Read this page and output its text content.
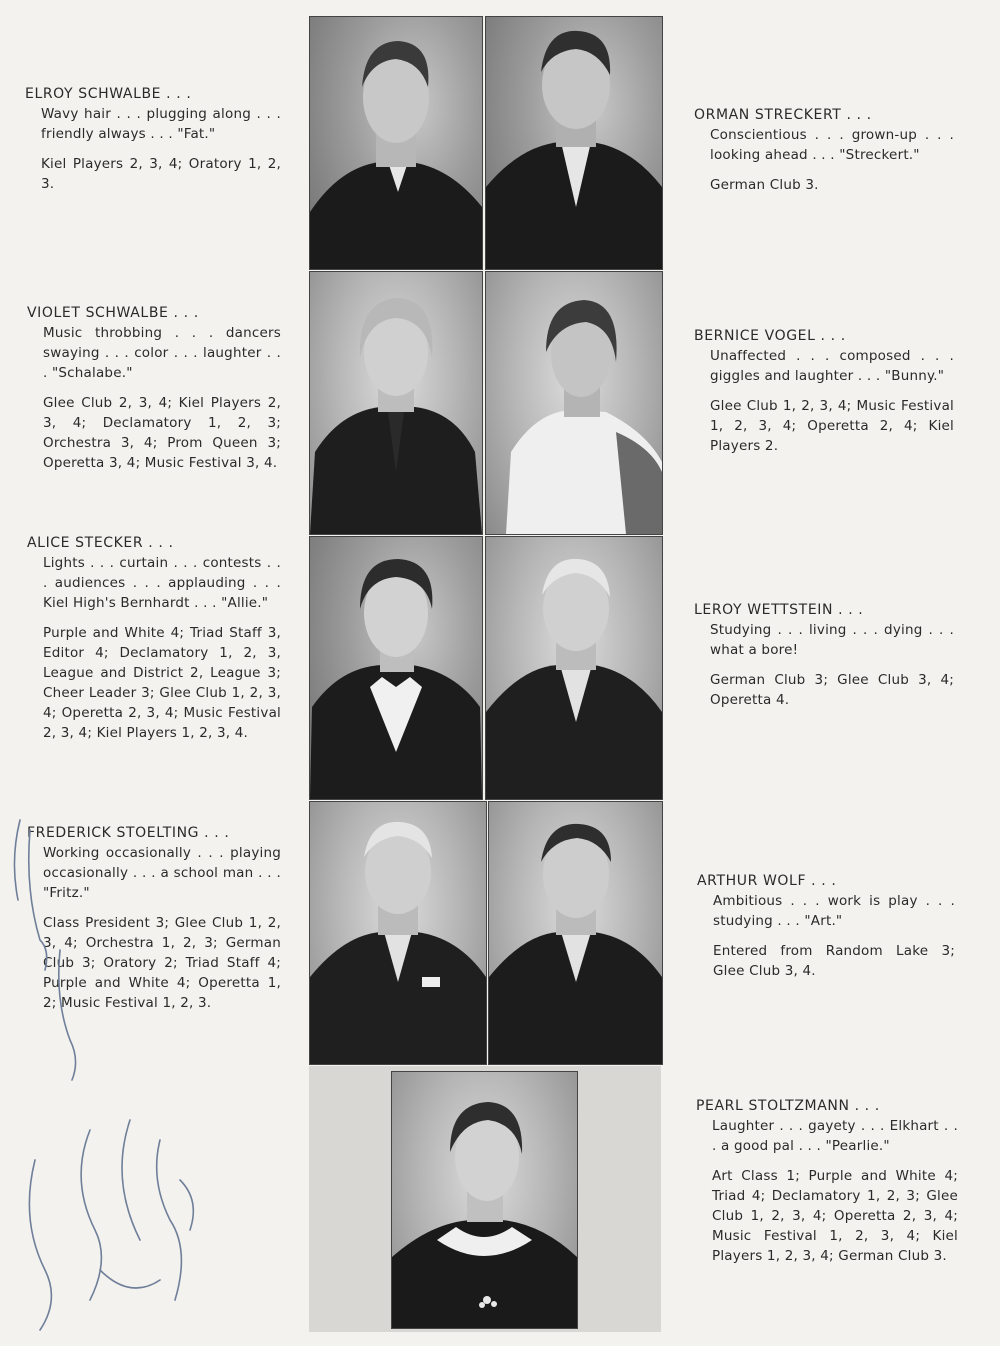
ELROY SCHWALBE . . .

Wavy hair . . . plugging along . . . friendly always . . . "Fat."

Kiel Players 2, 3, 4; Oratory 1, 2, 3.

VIOLET SCHWALBE . . .

Music throbbing . . . dancers swaying . . . color . . . laughter . . . "Schalabe."

Glee Club 2, 3, 4; Kiel Players 2, 3, 4; Declamatory 1, 2, 3; Orchestra 3, 4; Prom Queen 3; Operetta 3, 4; Music Festival 3, 4.

ALICE STECKER . . .

Lights . . . curtain . . . contests . . . audiences . . . applauding . . . Kiel High's Bernhardt . . . "Allie."

Purple and White 4; Triad Staff 3, Editor 4; Declamatory 1, 2, 3, League and District 2, League 3; Cheer Leader 3; Glee Club 1, 2, 3, 4; Operetta 2, 3, 4; Music Festival 2, 3, 4; Kiel Players 1, 2, 3, 4.

FREDERICK STOELTING . . .

Working occasionally . . . playing occasionally . . . a school man . . . "Fritz."

Class President 3; Glee Club 1, 2, 3, 4; Orchestra 1, 2, 3; German Club 3; Oratory 2; Triad Staff 4; Purple and White 4; Operetta 1, 2; Music Festival 1, 2, 3.

ORMAN STRECKERT . . .

Conscientious . . . grown-up . . . looking ahead . . . "Streckert."

German Club 3.

BERNICE VOGEL . . .

Unaffected . . . composed . . . giggles and laughter . . . "Bunny."

Glee Club 1, 2, 3, 4; Music Festival 1, 2, 3, 4; Operetta 2, 4; Kiel Players 2.

LEROY WETTSTEIN . . .

Studying . . . living . . . dying . . . what a bore!

German Club 3; Glee Club 3, 4; Operetta 4.

ARTHUR WOLF . . .

Ambitious . . . work is play . . . studying . . . "Art."

Entered from Random Lake 3; Glee Club 3, 4.

PEARL STOLTZMANN . . .

Laughter . . . gayety . . . Elkhart . . . a good pal . . . "Pearlie."

Art Class 1; Purple and White 4; Triad 4; Declamatory 1, 2, 3; Glee Club 1, 2, 3, 4; Operetta 2, 3, 4; Music Festival 1, 2, 3, 4; Kiel Players 1, 2, 3, 4; German Club 3.
